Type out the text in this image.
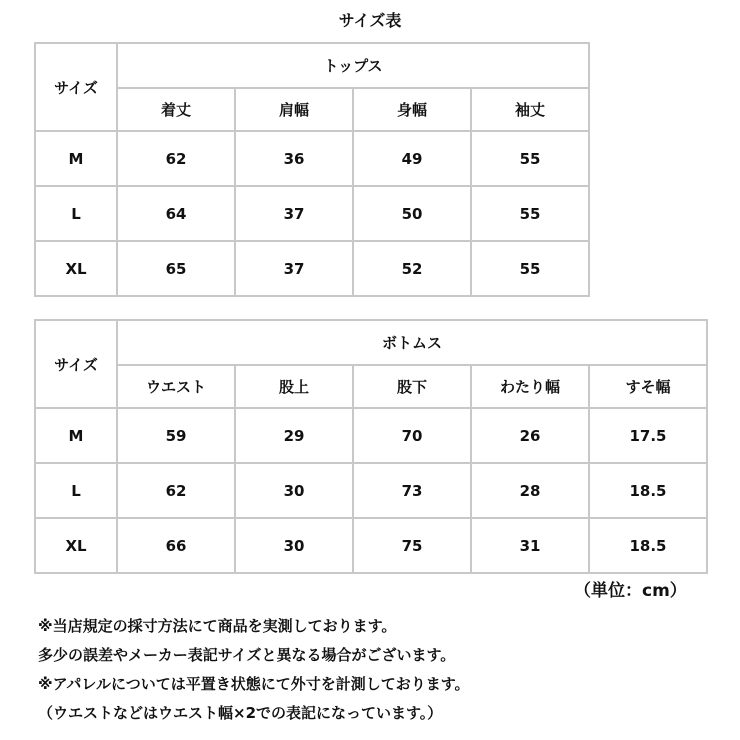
サイズ表
サイズ	トップス			
	着丈	肩幅	身幅	袖丈
M	62	36	49	55
L	64	37	50	55
XL	65	37	52	55
サイズ	ボトムス				
	ウエスト	股上	股下	わたり幅	すそ幅
M	59	29	70	26	17.5
L	62	30	73	28	18.5
XL	66	30	75	31	18.5
（単位：cm）
※当店規定の採寸方法にて商品を実測しております。
多少の誤差やメーカー表記サイズと異なる場合がございます。
※アパレルについては平置き状態にて外寸を計測しております。
（ウエストなどはウエスト幅×2での表記になっています。）
